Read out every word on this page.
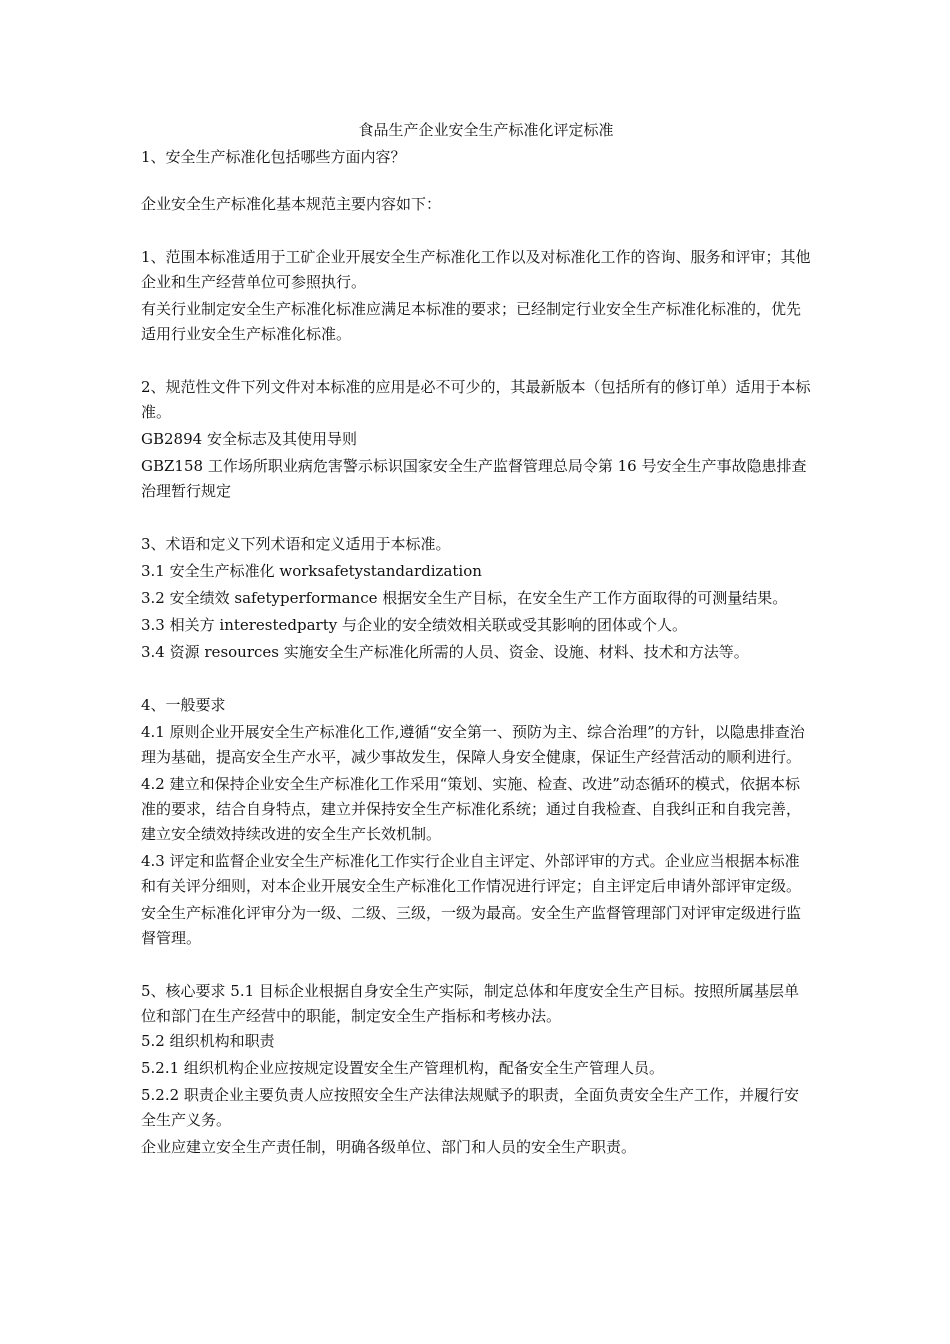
食品生产企业安全生产标准化评定标准
1、安全生产标准化包括哪些方面内容？
企业安全生产标准化基本规范主要内容如下：
1、范围本标准适用于工矿企业开展安全生产标准化工作以及对标准化工作的咨询、服务和评审；其他企业和生产经营单位可参照执行。
有关行业制定安全生产标准化标准应满足本标准的要求；已经制定行业安全生产标准化标准的，优先适用行业安全生产标准化标准。
2、规范性文件下列文件对本标准的应用是必不可少的，其最新版本（包括所有的修订单）适用于本标准。
GB2894 安全标志及其使用导则
GBZ158 工作场所职业病危害警示标识国家安全生产监督管理总局令第 16 号安全生产事故隐患排查治理暂行规定
3、术语和定义下列术语和定义适用于本标准。
3.1 安全生产标准化 worksafetystandardization
3.2 安全绩效 safetyperformance 根据安全生产目标，在安全生产工作方面取得的可测量结果。
3.3 相关方 interestedparty 与企业的安全绩效相关联或受其影响的团体或个人。
3.4 资源 resources 实施安全生产标准化所需的人员、资金、设施、材料、技术和方法等。
4、一般要求
4.1 原则企业开展安全生产标准化工作,遵循“安全第一、预防为主、综合治理”的方针，以隐患排查治理为基础，提高安全生产水平，减少事故发生，保障人身安全健康，保证生产经营活动的顺利进行。
4.2 建立和保持企业安全生产标准化工作采用“策划、实施、检查、改进”动态循环的模式，依据本标准的要求，结合自身特点，建立并保持安全生产标准化系统；通过自我检查、自我纠正和自我完善，建立安全绩效持续改进的安全生产长效机制。
4.3 评定和监督企业安全生产标准化工作实行企业自主评定、外部评审的方式。企业应当根据本标准和有关评分细则，对本企业开展安全生产标准化工作情况进行评定；自主评定后申请外部评审定级。
安全生产标准化评审分为一级、二级、三级，一级为最高。安全生产监督管理部门对评审定级进行监督管理。
5、核心要求 5.1 目标企业根据自身安全生产实际，制定总体和年度安全生产目标。按照所属基层单位和部门在生产经营中的职能，制定安全生产指标和考核办法。
5.2 组织机构和职责
5.2.1 组织机构企业应按规定设置安全生产管理机构，配备安全生产管理人员。
5.2.2 职责企业主要负责人应按照安全生产法律法规赋予的职责，全面负责安全生产工作，并履行安全生产义务。
企业应建立安全生产责任制，明确各级单位、部门和人员的安全生产职责。
